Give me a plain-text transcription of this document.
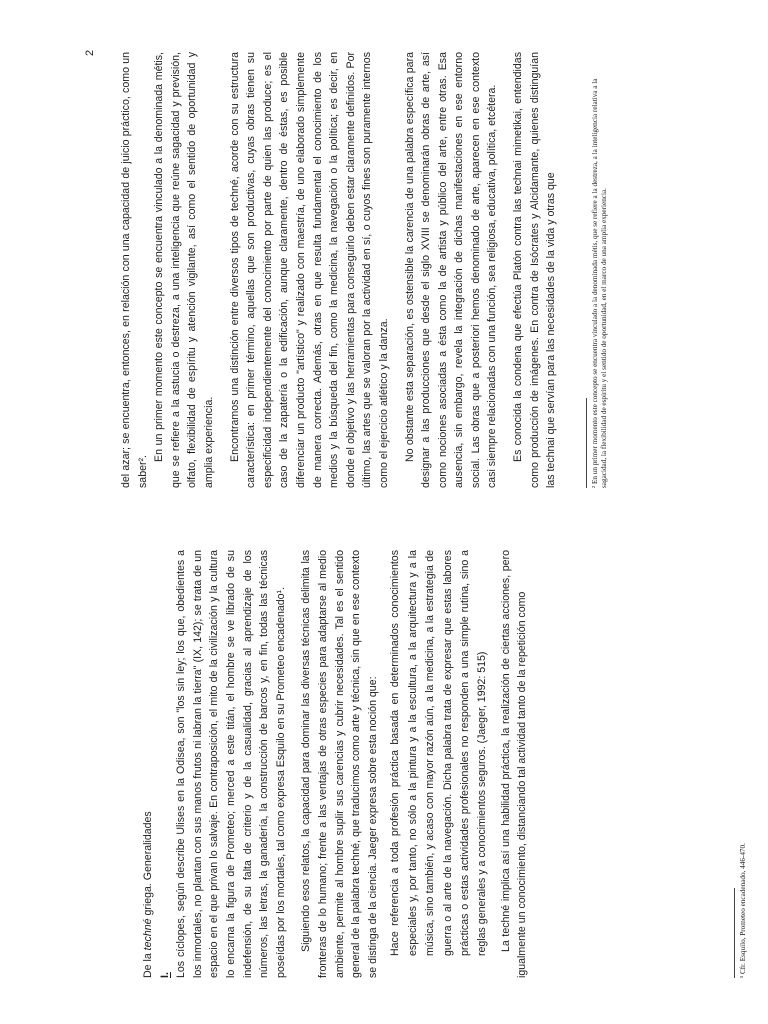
2

De la techné griega. Generalidades

I. Los cíclopes, según describe Ulises en la Odisea, son "los sin ley; los que, obedientes a los inmortales, no plantan con sus manos frutos ni labran la tierra" (IX, 142); se trata de un espacio en el que privan lo salvaje. En contraposición, el mito de la civilización y la cultura lo encarna la figura de Prometeo; merced a este titán, el hombre se ve librado de su indefensión, de su falta de criterio y de la casualidad, gracias al aprendizaje de los números, las letras, la ganadería, la construcción de barcos y, en fin, todas las técnicas poseídas por los mortales, tal como expresa Esquilo en su Prometeo encadenado¹. Siguiendo esos relatos, la capacidad para dominar las diversas técnicas delimita las fronteras de lo humano; frente a las ventajas de otras especies para adaptarse al medio ambiente, permite al hombre suplir sus carencias y cubrir necesidades. Tal es el sentido general de la palabra techné, que traducimos como arte y técnica, sin que en ese contexto se distinga de la ciencia. Jaeger expresa sobre esta noción que: Hace referencia a toda profesión práctica basada en determinados conocimientos especiales y, por tanto, no sólo a la pintura y a la escultura, a la arquitectura y a la música, sino también, y acaso con mayor razón aún, a la medicina, a la estrategia de guerra o al arte de la navegación. Dicha palabra trata de expresar que estas labores prácticas o estas actividades profesionales no responden a una simple rutina, sino a reglas generales y a conocimientos seguros. (Jaeger, 1992: 515)	La techné implica así una habilidad práctica, la realización de ciertas acciones, pero igualmente un conocimiento, distanciando tal actividad tanto de la repetición como	¹ Cfr. Esquilo, Prometeo encadenado, 446-470.

del azar; se encuentra, entonces, en relación con una capacidad de juicio práctico, como un saber².

En un primer momento este concepto se encuentra vinculado a la denominada métis, que se refiere a la astucia o destreza, a una inteligencia que reúne sagacidad y previsión, olfato, flexibilidad de espíritu y atención vigilante, así como el sentido de oportunidad y amplia experiencia. Encontramos una distinción entre diversos tipos de techné, acorde con su estructura característica: en primer término, aquellas que son productivas, cuyas obras tienen su especificidad independientemente del conocimiento por parte de quien las produce; es el caso de la zapatería o la edificación, aunque claramente, dentro de éstas, es posible diferenciar un producto "artístico" y realizado con maestría, de uno elaborado simplemente de manera correcta. Además, otras en que resulta fundamental el conocimiento de los medios y la búsqueda del fin, como la medicina, la navegación o la política; es decir, en donde el objetivo y las herramientas para conseguirlo deben estar claramente definidos. Por último, las artes que se valoran por la actividad en sí, o cuyos fines son puramente internos como el ejercicio atlético y la danza. No obstante esta separación, es ostensible la carencia de una palabra específica para designar a las producciones que desde el siglo XVIII se denominarán obras de arte, así como nociones asociadas a ésta como la de artista y público del arte, entre otras. Esa ausencia, sin embargo, revela la integración de dichas manifestaciones en ese entorno social. Las obras que a posteriori hemos denominado de arte, aparecen en ese contexto casi siempre relacionadas con una función, sea religiosa, educativa, política, etcétera. Es conocida la condena que efectúa Platón contra las technai mimetikai, entendidas como producción de imágenes. En contra de Isócrates y Alcidamante, quienes distinguían las technai que servían para las necesidades de la vida y otras que	² En un primer momento este concepto se encuentra vinculado a la denominada métis, que se refiere a la destreza, a la inteligencia relativa a la sagacidad, la flexibilidad de espíritu y el sentido de oportunidad, en el marco de una amplia experiencia.
